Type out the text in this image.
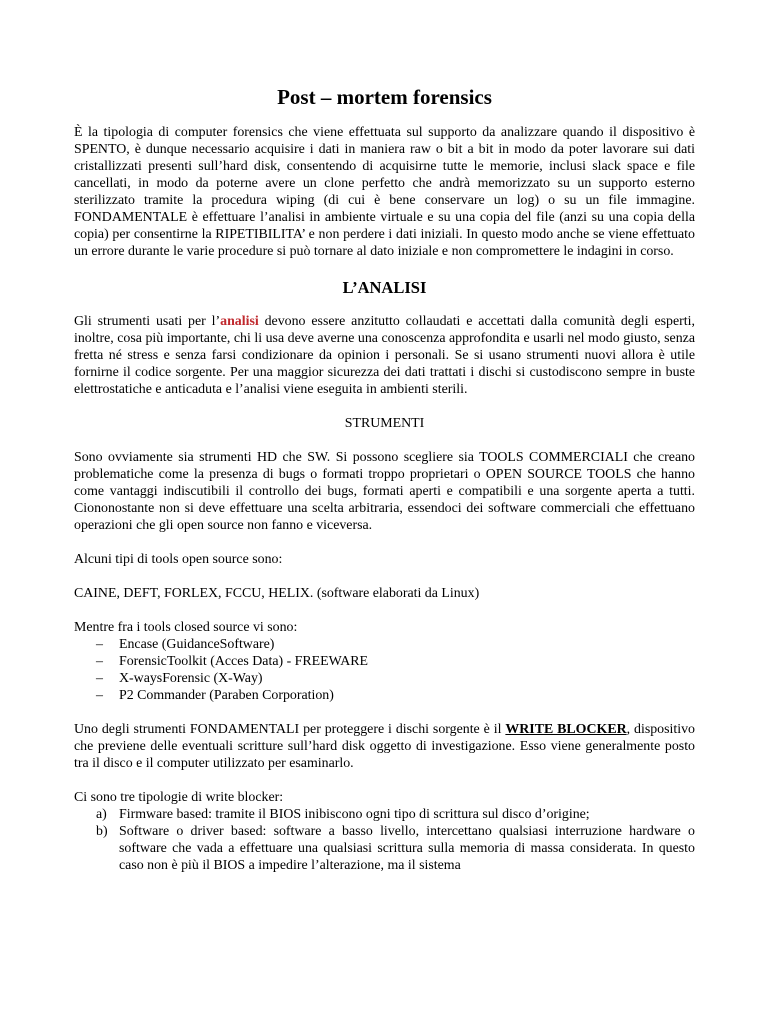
Post – mortem forensics

È la tipologia di computer forensics che viene effettuata sul supporto da analizzare quando il dispositivo è SPENTO, è dunque necessario acquisire i dati in maniera raw o bit a bit in modo da poter lavorare sui dati cristallizzati presenti sull’hard disk, consentendo di acquisirne tutte le memorie, inclusi slack space e file cancellati, in modo da poterne avere un clone perfetto che andrà memorizzato su un supporto esterno sterilizzato tramite la procedura wiping (di cui è bene conservare un log) o su un file immagine. FONDAMENTALE è effettuare l’analisi in ambiente virtuale e su una copia del file (anzi su una copia della copia) per consentirne la RIPETIBILITA’ e non perdere i dati iniziali. In questo modo anche se viene effettuato un errore durante le varie procedure si può tornare al dato iniziale e non compromettere le indagini in corso.

L’ANALISI

Gli strumenti usati per l’analisi devono essere anzitutto collaudati e accettati dalla comunità degli esperti, inoltre, cosa più importante, chi li usa deve averne una conoscenza approfondita e usarli nel modo giusto, senza fretta né stress e senza farsi condizionare da opinion i personali. Se si usano strumenti nuovi allora è utile fornirne il codice sorgente. Per una maggior sicurezza dei dati trattati i dischi si custodiscono sempre in buste elettrostatiche e anticaduta e l’analisi viene eseguita in ambienti sterili.

STRUMENTI

Sono ovviamente sia strumenti HD che SW. Si possono scegliere sia TOOLS COMMERCIALI che creano problematiche come la presenza di bugs o formati troppo proprietari o OPEN SOURCE TOOLS che hanno come vantaggi indiscutibili il controllo dei bugs, formati aperti e compatibili e una sorgente aperta a tutti. Ciononostante non si deve effettuare una scelta arbitraria, essendoci dei software commerciali che effettuano operazioni che gli open source non fanno e viceversa.

Alcuni tipi di tools open source sono:

CAINE, DEFT, FORLEX, FCCU, HELIX. (software elaborati da Linux)

Mentre fra i tools closed source vi sono:

– Encase (GuidanceSoftware)
– ForensicToolkit (Acces Data) - FREEWARE
– X-waysForensic (X-Way)
– P2 Commander (Paraben Corporation)

Uno degli strumenti FONDAMENTALI per proteggere i dischi sorgente è il WRITE BLOCKER, dispositivo che previene delle eventuali scritture sull’hard disk oggetto di investigazione. Esso viene generalmente posto tra il disco e il computer utilizzato per esaminarlo.

Ci sono tre tipologie di write blocker:

a) Firmware based: tramite il BIOS inibiscono ogni tipo di scrittura sul disco d’origine;
b) Software o driver based: software a basso livello, intercettano qualsiasi interruzione hardware o software che vada a effettuare una qualsiasi scrittura sulla memoria di massa considerata. In questo caso non è più il BIOS a impedire l’alterazione, ma il sistema
